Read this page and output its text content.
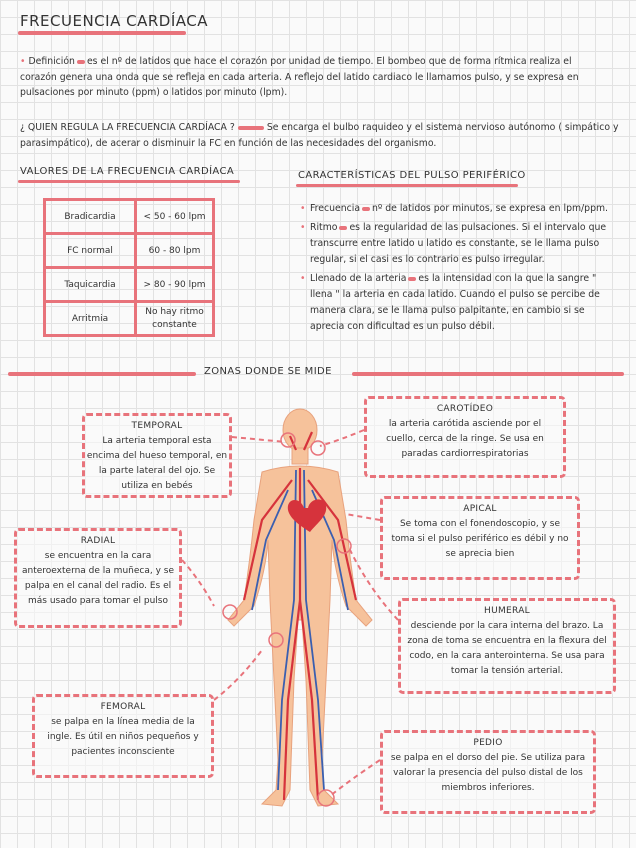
FRECUENCIA CARDÍACA
• Definición es el nº de latidos que hace el corazón por unidad de tiempo. El bombeo que de forma rítmica realiza el
corazón genera una onda que se refleja en cada arteria. A reflejo del latido cardiaco le llamamos pulso, y se expresa en
pulsaciones por minuto (ppm) o latidos por minuto (lpm).
¿ QUIEN REGULA LA FRECUENCIA CARDÍACA ?	Se encarga el bulbo raquideo y el sistema nervioso autónomo ( simpático y
parasimpático), de acerar o disminuir la FC en función de las necesidades del organismo.
VALORES DE LA FRECUENCIA CARDÍACA
Bradicardia	< 50 - 60 lpm
FC normal	60 - 80 lpm
Taquicardia	> 80 - 90 lpm
Arritmia	No hay ritmo constante
CARACTERÍSTICAS DEL PULSO PERIFÉRICO
• Frecuencia nº de latidos por minutos, se expresa en lpm/ppm.
• Ritmo es la regularidad de las pulsaciones. Si el intervalo que transcurre entre latido u latido es constante, se le llama pulso regular, si el casi es lo contrario es pulso irregular.
• Llenado de la arteria es la intensidad con la que la sangre " llena " la arteria en cada latido. Cuando el pulso se percibe de manera clara, se le llama pulso palpitante, en cambio si se aprecia con dificultad es un pulso débil.
ZONAS DONDE SE MIDE
TEMPORAL
La arteria temporal esta encima del hueso temporal, en la parte lateral del ojo. Se utiliza en bebés
CAROTÍDEO
la arteria carótida asciende por el cuello, cerca de la ringe. Se usa en paradas cardiorrespiratorias
APICAL
Se toma con el fonendoscopio, y se toma si el pulso periférico es débil y no se aprecia bien
RADIAL
se encuentra en la cara anteroexterna de la muñeca, y se palpa en el canal del radio. Es el más usado para tomar el pulso
HUMERAL
desciende por la cara interna del brazo. La zona de toma se encuentra en la flexura del codo, en la cara anterointerna. Se usa para tomar la tensión arterial.
FEMORAL
se palpa en la línea media de la ingle. Es útil en niños pequeños y pacientes inconsciente
PEDIO
se palpa en el dorso del pie. Se utiliza para valorar la presencia del pulso distal de los miembros inferiores.
